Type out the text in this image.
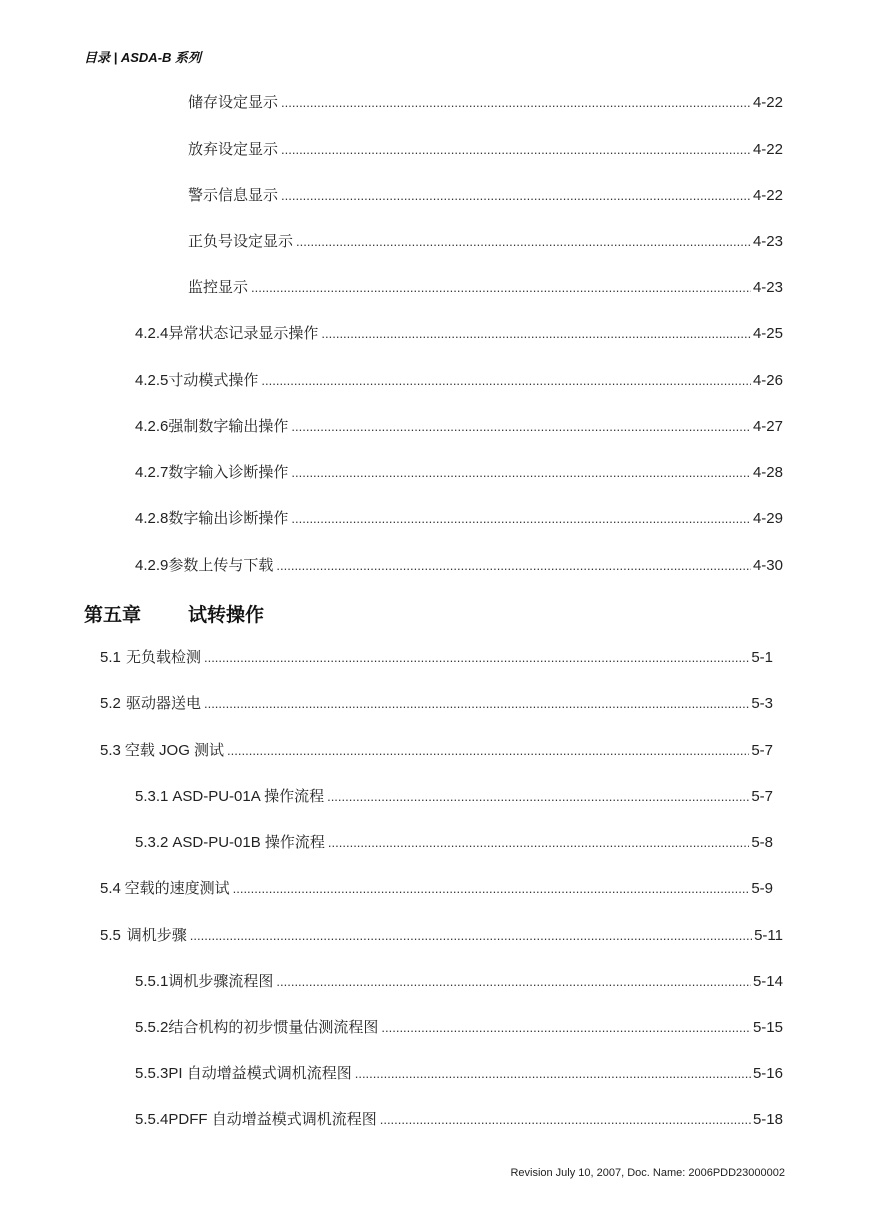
目录 | ASDA-B 系列
储存设定显示 .....	4-22
放弃设定显示 .....	4-22
警示信息显示 .....	4-22
正负号设定显示 .....	4-23
监控显示 .....	4-23
4.2.4 异常状态记录显示操作 .....	4-25
4.2.5 寸动模式操作 .....	4-26
4.2.6 强制数字输出操作 .....	4-27
4.2.7 数字输入诊断操作 .....	4-28
4.2.8 数字输出诊断操作 .....	4-29
4.2.9 参数上传与下载 .....	4-30
第五章	试转操作
5.1 无负载检测 .....	5-1
5.2 驱动器送电 .....	5-3
5.3 空载 JOG 测试 .....	5-7
5.3.1 ASD-PU-01A 操作流程 .....	5-7
5.3.2 ASD-PU-01B 操作流程 .....	5-8
5.4 空载的速度测试 .....	5-9
5.5 调机步骤 .....	5-11
5.5.1 调机步骤流程图 .....	5-14
5.5.2 结合机构的初步惯量估测流程图 .....	5-15
5.5.3 PI 自动增益模式调机流程图 .....	5-16
5.5.4 PDFF 自动增益模式调机流程图 .....	5-18
Revision July 10, 2007, Doc. Name: 2006PDD23000002
